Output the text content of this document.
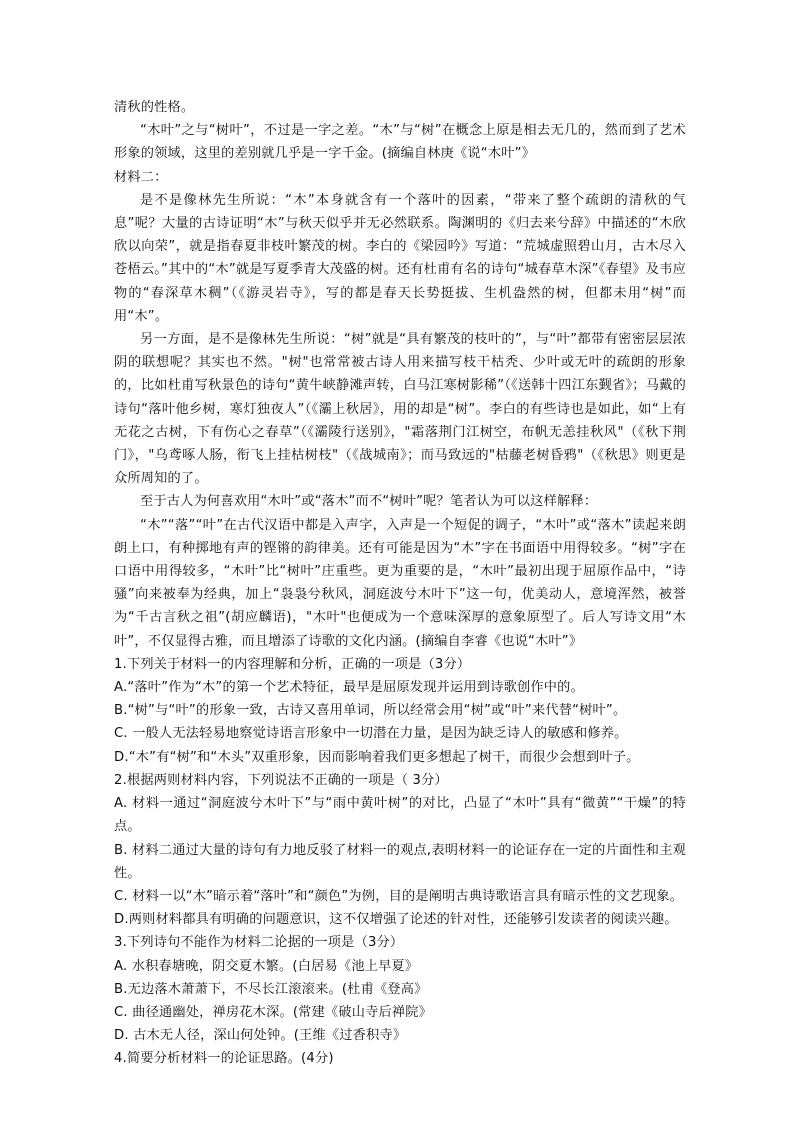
清秋的性格。

“木叶”之与“树叶”，不过是一字之差。“木”与“树”在概念上原是相去无几的，然而到了艺术形象的领域，这里的差别就几乎是一字千金。(摘编自林庚《说“木叶”》

材料二：

是不是像林先生所说：“木”本身就含有一个落叶的因素，“带来了整个疏朗的清秋的气息”呢？大量的古诗证明“木”与秋天似乎并无必然联系。陶渊明的《归去来兮辞》中描述的“木欣欣以向荣”，就是指春夏非枝叶繁茂的树。李白的《梁园吟》写道：“荒城虚照碧山月，古木尽入苍梧云。”其中的“木”就是写夏季青大茂盛的树。还有杜甫有名的诗句“城春草木深”《春望》及韦应物的“春深草木稠”（《游灵岩寺》，写的都是春天长势挺拔、生机盎然的树，但都未用“树”而用“木”。

另一方面，是不是像林先生所说：“树”就是“具有繁茂的枝叶的”，与“叶”都带有密密层层浓阴的联想呢？其实也不然。"树"也常常被古诗人用来描写枝干枯秃、少叶或无叶的疏朗的形象的，比如杜甫写秋景色的诗句“黄牛峡静滩声转，白马江寒树影稀”（《送韩十四江东觐省》；马戴的诗句“落叶他乡树，寒灯独夜人”（《灞上秋居》，用的却是“树”。李白的有些诗也是如此，如“上有无花之古树，下有伤心之春草”（《灞陵行送别》，"霜落荆门江树空，布帆无恙挂秋风"（《秋下荆门》，"乌鸢啄人肠，衔飞上挂枯树枝"（《战城南》；而马致远的"枯藤老树昏鸦"（《秋思》则更是众所周知的了。

至于古人为何喜欢用“木叶”或“落木”而不“树叶”呢？笔者认为可以这样解释：

“木”“落”“叶”在古代汉语中都是入声字，入声是一个短促的调子，“木叶”或“落木”读起来朗朗上口，有种掷地有声的铿锵的韵律美。还有可能是因为“木”字在书面语中用得较多。“树”字在口语中用得较多，“木叶”比“树叶”庄重些。更为重要的是，“木叶”最初出现于屈原作品中，“诗骚”向来被奉为经典，加上“袅袅兮秋风，洞庭波兮木叶下”这一句，优美动人，意境浑然，被誉为“千古言秋之祖”(胡应麟语)，"木叶"也便成为一个意味深厚的意象原型了。后人写诗文用“木叶”，不仅显得古雅，而且增添了诗歌的文化内涵。(摘编自李睿《也说“木叶”》

1.下列关于材料一的内容理解和分析，正确的一项是（3分）

A.“落叶”作为“木”的第一个艺术特征，最早是屈原发现并运用到诗歌创作中的。

B.“树”与“叶”的形象一致，古诗又喜用单词，所以经常会用“树”或“叶”来代替“树叶”。

C. 一般人无法轻易地察觉诗语言形象中一切潜在力量，是因为缺乏诗人的敏感和修养。

D.“木”有“树”和“木头”双重形象，因而影响着我们更多想起了树干，而很少会想到叶子。

2.根据两则材料内容，下列说法不正确的一项是（ 3分）

A. 材料一通过“洞庭波兮木叶下”与“雨中黄叶树”的对比，凸显了“木叶”具有“微黄”“干燥”的特点。

B. 材料二通过大量的诗句有力地反驳了材料一的观点,表明材料一的论证存在一定的片面性和主观性。

C. 材料一以“木”暗示着“落叶”和“颜色”为例，目的是阐明古典诗歌语言具有暗示性的文艺现象。

D.两则材料都具有明确的问题意识，这不仅增强了论述的针对性，还能够引发读者的阅读兴趣。

3.下列诗句不能作为材料二论据的一项是（3分）

A. 水积春塘晚，阴交夏木繁。(白居易《池上早夏》

B.无边落木萧萧下，不尽长江滚滚来。(杜甫《登高》

C. 曲径通幽处，禅房花木深。(常建《破山寺后禅院》

D. 古木无人径，深山何处钟。(王维《过香积寺》

4.简要分析材料一的论证思路。(4分)
